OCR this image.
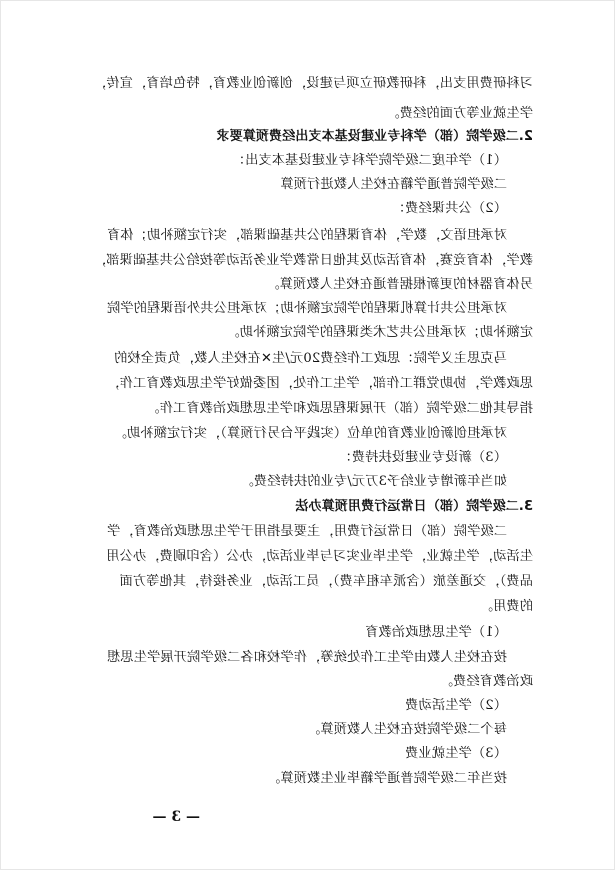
习科研费用支出，科研教研立项与建设，创新创业教育，特色培育，宣传，
学生就业等方面的经费。
2.二级学院（部）学科专业建设基本支出经费预算要求
（1）学年度二级学院学科专业建设基本支出：
二级学院普通学籍在校生人数进行预算
（2）公共课经费：
对承担语文，数学，体育课程的公共基础课部，实行定额补助；体育
教学，体育竞赛，体育活动及其他日常教学业务活动等按给公共基础课部，
另体育器材的更新根据普通在校生人数预算。
对承担公共计算机课程的学院定额补助；对承担公共外语课程的学院
定额补助；对承担公共艺术类课程的学院定额补助。
马克思主义学院：思政工作经费20元/生✕在校生人数，负责全校的
思政教学，协助党群工作部，学生工作处，团委做好学生思政教育工作，
指导其他二级学院（部）开展课程思政和学生思想政治教育工作。
对承担创新创业教育的单位（实践平台另行预算），实行定额补助。
（3）新设专业建设扶持费：
如当年新增专业给予3万元/专业的扶持经费。
3.二级学院（部）日常运行费用预算办法
二级学院（部）日常运行费用，主要是指用于学生思想政治教育，学
生活动，学生就业，学生毕业实习与毕业活动，办公（含印刷费，办公用
品费），交通差旅（含派车租车费），员工活动，业务接待，其他等方面
的费用。
（1）学生思想政治教育
按在校生人数由学生工作处统筹，作学校和各二级学院开展学生思想
政治教育经费。
（2）学生活动费
每个二级学院按在校生人数预算。
（3）学生就业费
按当年二级学院普通学籍毕业生数预算。
— 3 —
